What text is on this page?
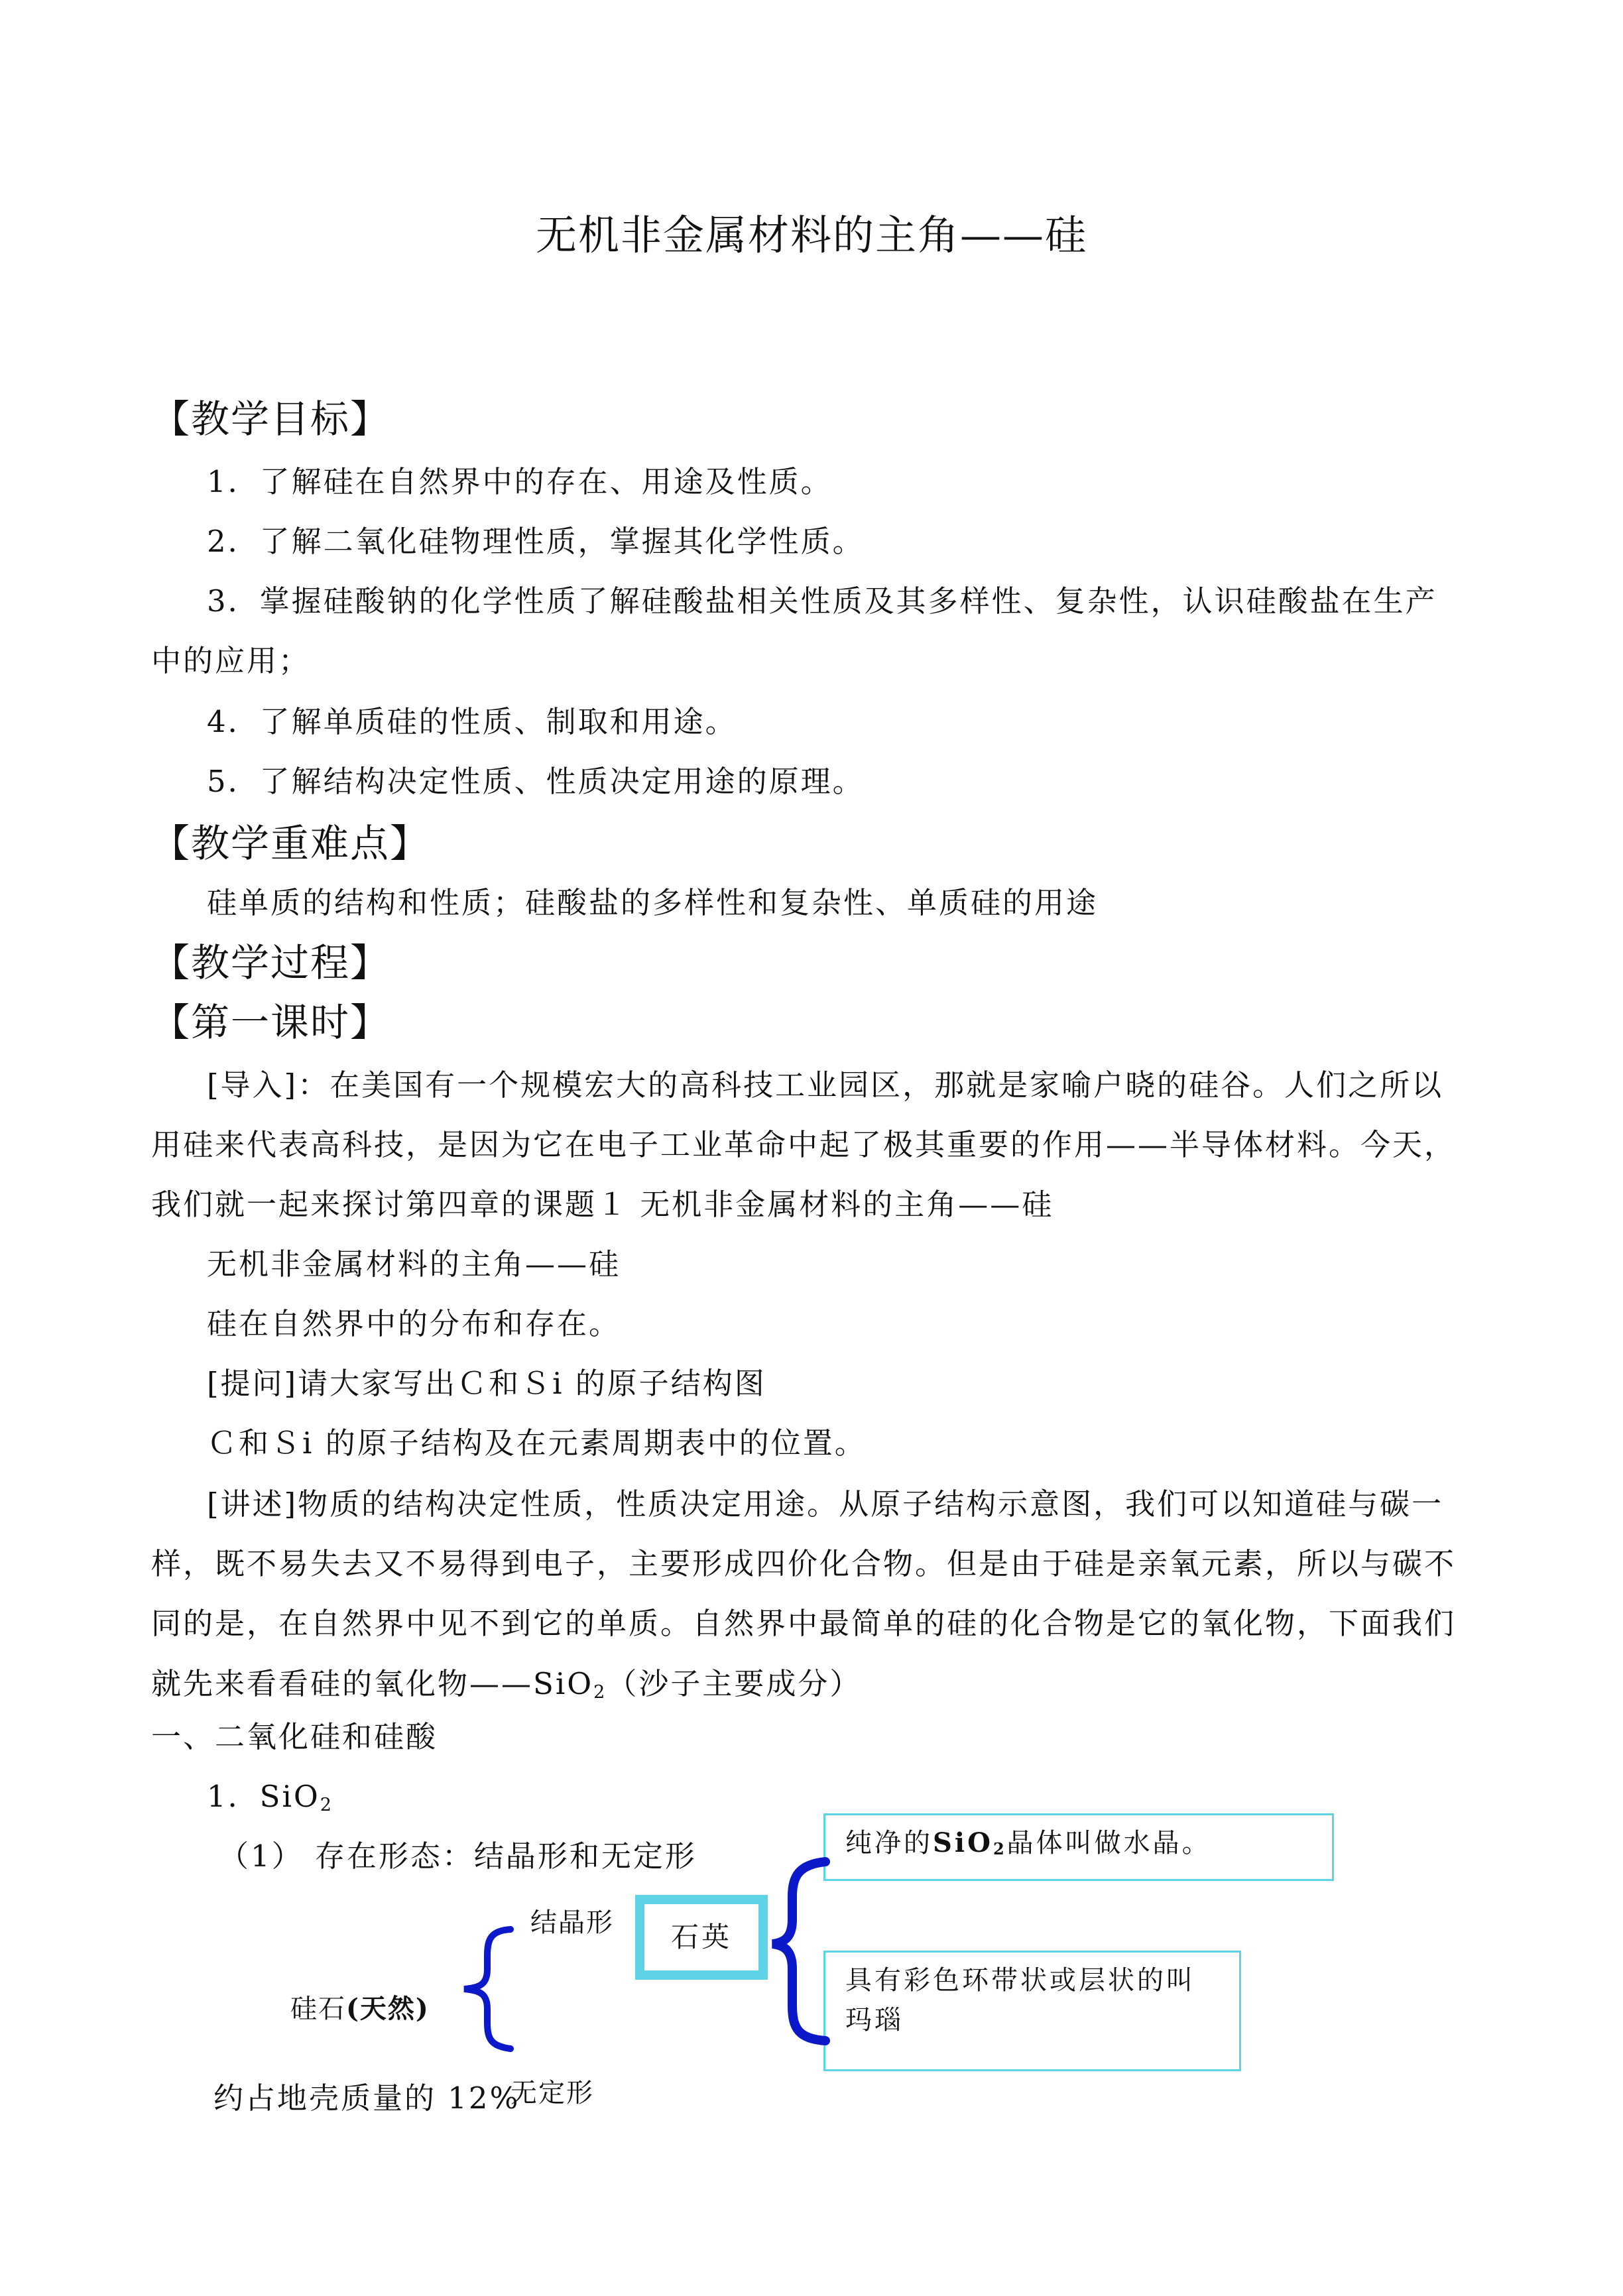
无机非金属材料的主角——硅
【教学目标】
1．了解硅在自然界中的存在、用途及性质。
2．了解二氧化硅物理性质，掌握其化学性质。
3．掌握硅酸钠的化学性质了解硅酸盐相关性质及其多样性、复杂性，认识硅酸盐在生产
中的应用；
4．了解单质硅的性质、制取和用途。
5．了解结构决定性质、性质决定用途的原理。
【教学重难点】
硅单质的结构和性质；硅酸盐的多样性和复杂性、单质硅的用途
【教学过程】
【第一课时】
[导入]：在美国有一个规模宏大的高科技工业园区，那就是家喻户晓的硅谷。人们之所以
用硅来代表高科技，是因为它在电子工业革命中起了极其重要的作用——半导体材料。今天，
我们就一起来探讨第四章的课题１ 无机非金属材料的主角——硅
无机非金属材料的主角——硅
硅在自然界中的分布和存在。
[提问]请大家写出Ｃ和Ｓi 的原子结构图
Ｃ和Ｓi 的原子结构及在元素周期表中的位置。
[讲述]物质的结构决定性质，性质决定用途。从原子结构示意图，我们可以知道硅与碳一
样，既不易失去又不易得到电子，主要形成四价化合物。但是由于硅是亲氧元素，所以与碳不
同的是，在自然界中见不到它的单质。自然界中最简单的硅的化合物是它的氧化物，下面我们
就先来看看硅的氧化物——SiO$_2$（沙子主要成分）
一、二氧化硅和硅酸
1．SiO$_2$
（1） 存在形态：结晶形和无定形
结晶形
无定形
硅石(天然)
约占地壳质量的 12%
石英
纯净的SiO2晶体叫做水晶。
具有彩色环带状或层状的叫
玛瑙
